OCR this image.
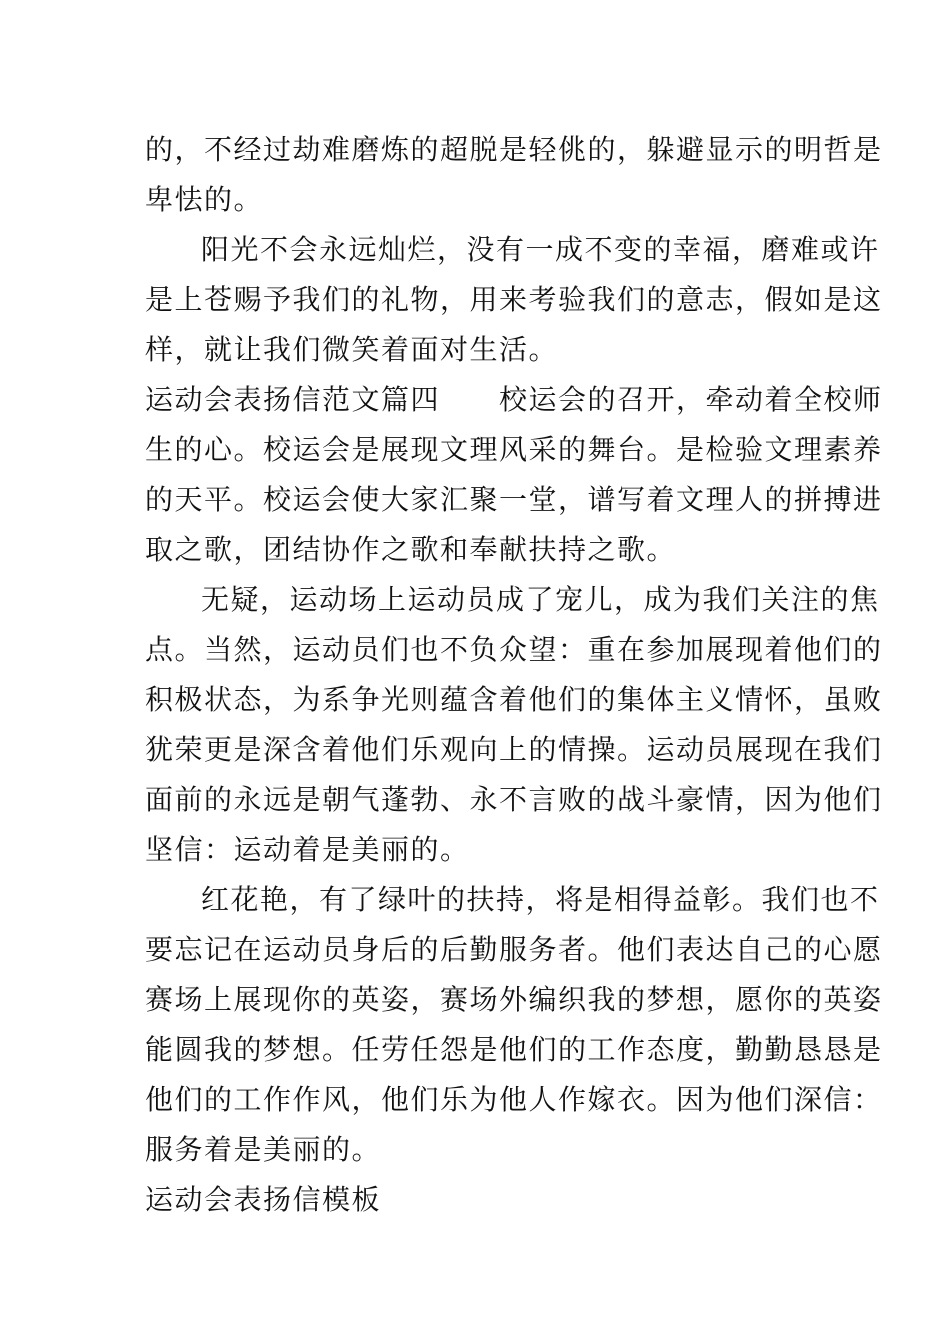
的，不经过劫难磨炼的超脱是轻佻的，躲避显示的明哲是
卑怯的。
阳光不会永远灿烂，没有一成不变的幸福，磨难或许
是上苍赐予我们的礼物，用来考验我们的意志，假如是这
样，就让我们微笑着面对生活。
运动会表扬信范文篇四　　校运会的召开，牵动着全校师
生的心。校运会是展现文理风采的舞台。是检验文理素养
的天平。校运会使大家汇聚一堂，谱写着文理人的拼搏进
取之歌，团结协作之歌和奉献扶持之歌。
无疑，运动场上运动员成了宠儿，成为我们关注的焦
点。当然，运动员们也不负众望：重在参加展现着他们的
积极状态，为系争光则蕴含着他们的集体主义情怀，虽败
犹荣更是深含着他们乐观向上的情操。运动员展现在我们
面前的永远是朝气蓬勃、永不言败的战斗豪情，因为他们
坚信：运动着是美丽的。
红花艳，有了绿叶的扶持，将是相得益彰。我们也不
要忘记在运动员身后的后勤服务者。他们表达自己的心愿
赛场上展现你的英姿，赛场外编织我的梦想，愿你的英姿
能圆我的梦想。任劳任怨是他们的工作态度，勤勤恳恳是
他们的工作作风，他们乐为他人作嫁衣。因为他们深信：
服务着是美丽的。
运动会表扬信模板
